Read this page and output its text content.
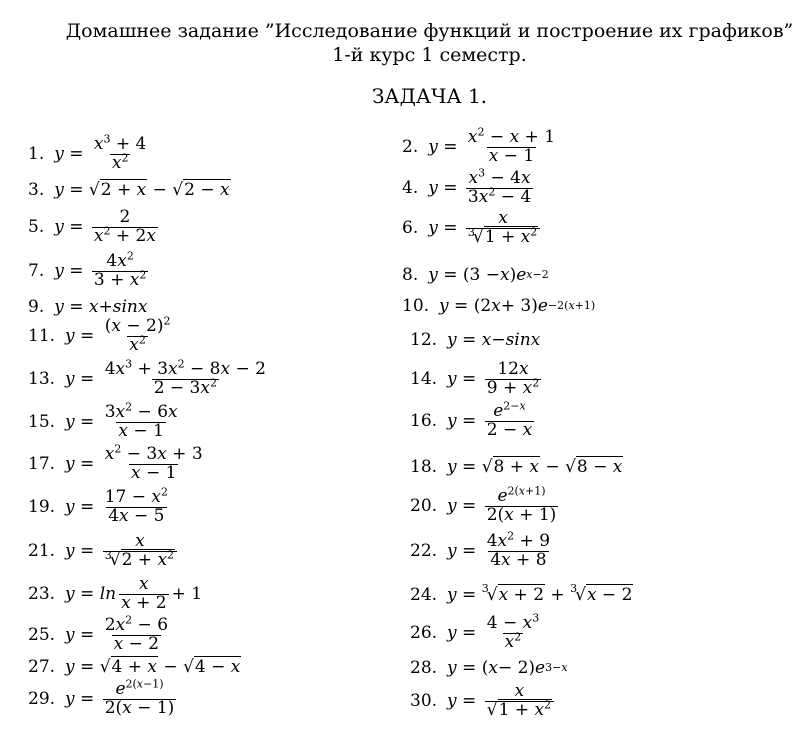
Домашнее задание ”Исследование функций и построение их графиков”
1-й курс 1 семестр.
ЗАДАЧА 1.
1. $y = \frac{x^3 + 4}{x^2}$
3. y = √ 2 + x − √ 2 − x
5. $y = \frac{2}{x^2 + 2x}$
7. $y = \frac{4x^2}{3 + x^2}$
9. y = x + sinx
11. $y = \frac{(x - 2)^2}{x^2}$
13. $y = \frac{4x^3 + 3x^2 - 8x - 2}{2 - 3x^2}$
15. $y = \frac{3x^2 - 6x}{x - 1}$
17. $y = \frac{x^2 - 3x + 3}{x - 1}$
19. $y = \frac{17 - x^2}{4x - 5}$
21. $y = \frac{x}{^3√2 + x^2}$
23. $y = \ln \frac{x}{x + 2} + 1$
25. $y = \frac{2x^2 - 6}{x - 2}$
27. y = √ 4 + x − √ 4 − x
29. $y = \frac{e^{2(x-1)}}{2(x - 1)}$
2. $y = \frac{x^2 - x + 1}{x - 1}$
4. $y = \frac{x^3 - 4x}{3x^2 - 4}$
6. $y = \frac{x}{^3√1 + x^2}$
8. y = (3 − x ) e x−2
10. y = (2 x + 3) e −2(x+1)
12. y = x − sinx
14. $y = \frac{12x}{9 + x^2}$
16. $y = \frac{e^{2-x}}{2 - x}$
18. y = √ 8 + x − √ 8 − x
20. $y = \frac{e^{2(x+1)}}{2(x + 1)}$
22. $y = \frac{4x^2 + 9}{4x + 8}$
24. y = 3
√ x + 2 + 3
√ x − 2
26. $y = \frac{4 - x^3}{x^2}$
28. y = ( x − 2) e 3−x
30. $y = \frac{x}{√1 + x^2}$
